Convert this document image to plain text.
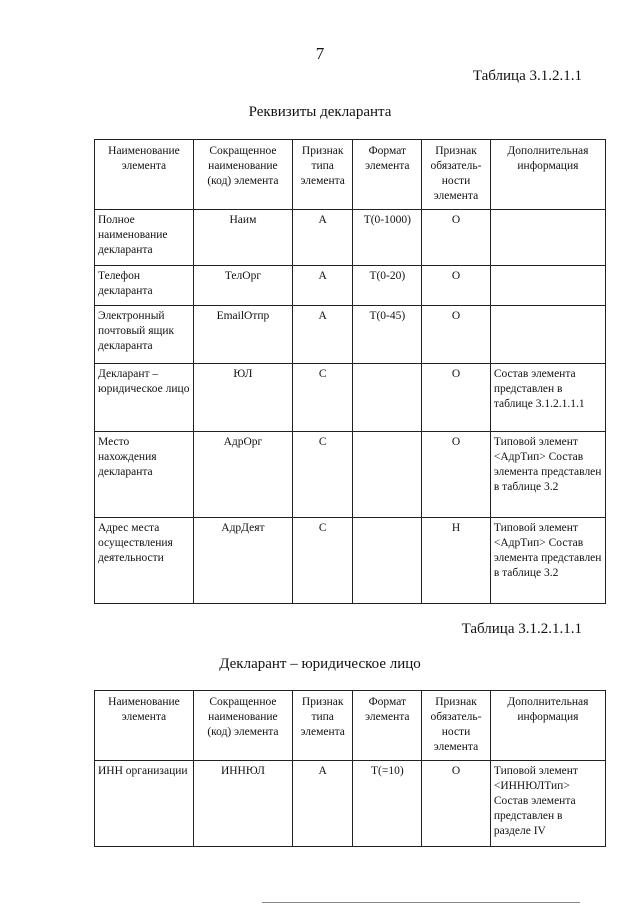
7
Таблица 3.1.2.1.1
Реквизиты декларанта
Наименование элемента	Сокращенное наименование (код) элемента	Признак типа элемента	Формат элемента	Признак обязатель-ности элемента	Дополнительная информация
Полное наименование декларанта	Наим	А	Т(0-1000)	О	
Телефон декларанта	ТелОрг	А	Т(0-20)	О	
Электронный почтовый ящик декларанта	EmailОтпр	А	Т(0-45)	О	
Декларант – юридическое лицо	ЮЛ	С		О	Состав элемента представлен в таблице 3.1.2.1.1.1
Место нахождения декларанта	АдрОрг	С		О	Типовой элемент <АдрТип> Состав элемента представлен в таблице 3.2
Адрес места осуществления деятельности	АдрДеят	С		Н	Типовой элемент <АдрТип> Состав элемента представлен в таблице 3.2
Таблица 3.1.2.1.1.1
Декларант – юридическое лицо
Наименование элемента	Сокращенное наименование (код) элемента	Признак типа элемента	Формат элемента	Признак обязатель-ности элемента	Дополнительная информация
ИНН организации	ИННЮЛ	А	Т(=10)	О	Типовой элемент <ИННЮЛТип> Состав элемента представлен в разделе IV
